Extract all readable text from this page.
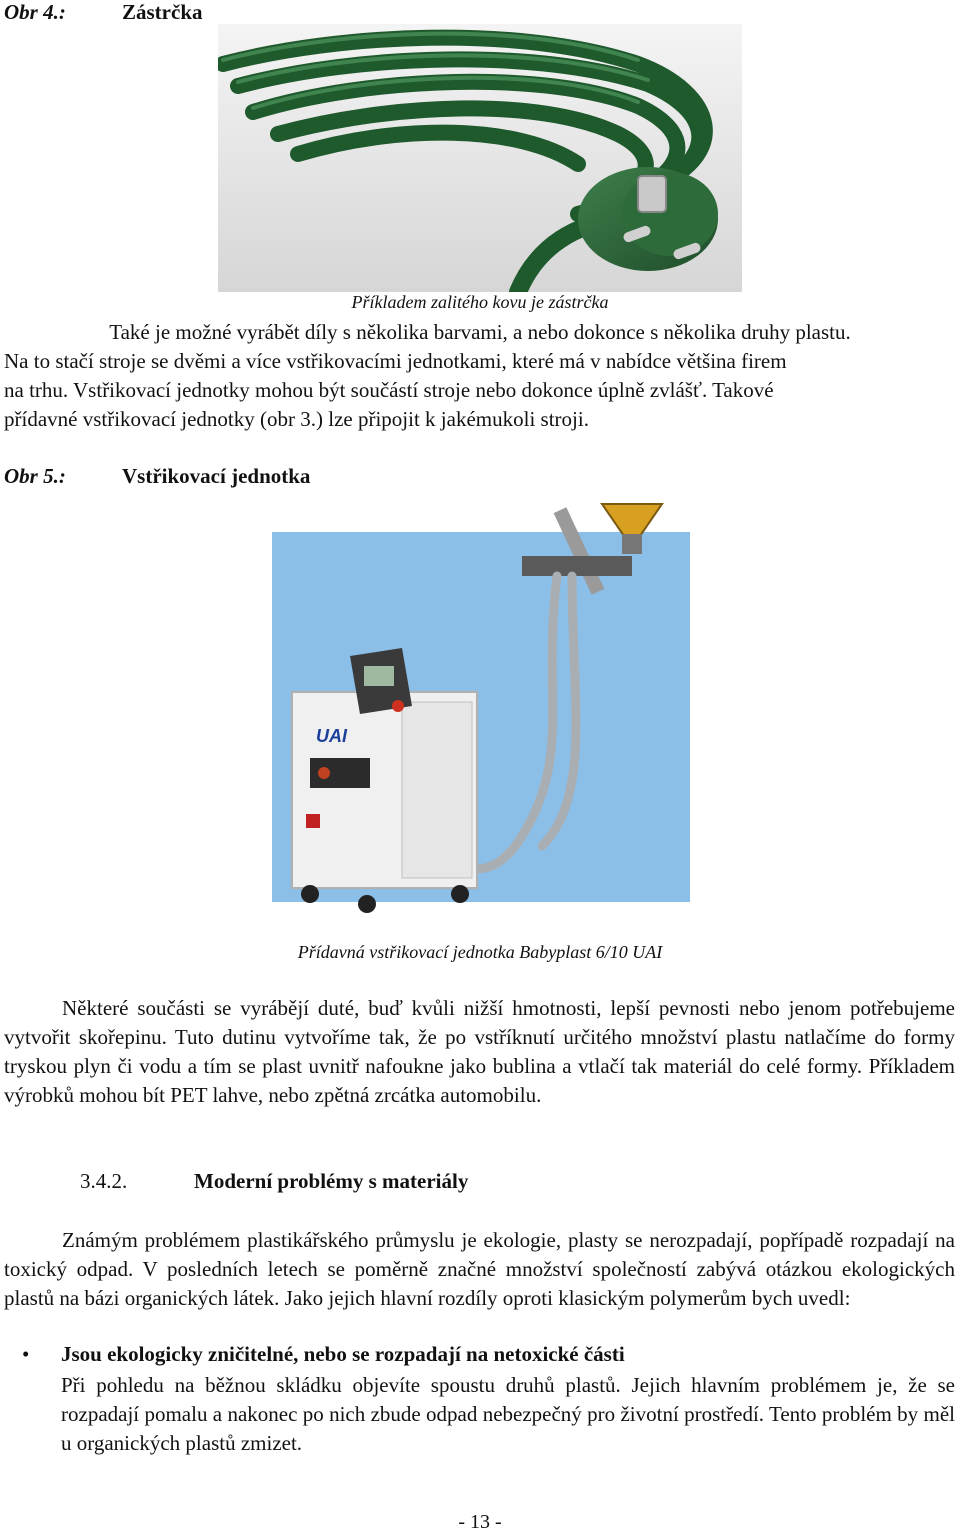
Obr 4.:	Zástrčka
Příkladem zalitého kovu je zástrčka
Také je možné vyrábět díly s několika barvami, a nebo dokonce s několika druhy plastu.
Na to stačí stroje se dvěmi a více vstřikovacími jednotkami, které má v nabídce většina firem
na trhu. Vstřikovací jednotky mohou být součástí stroje nebo dokonce úplně zvlášť. Takové
přídavné vstřikovací jednotky (obr 3.) lze připojit k jakémukoli stroji.
Obr 5.:	Vstřikovací jednotka
UAI
Přídavná vstřikovací jednotka Babyplast 6/10 UAI
Některé součásti se vyrábějí duté, buď kvůli nižší hmotnosti, lepší pevnosti nebo jenom potřebujeme vytvořit skořepinu. Tuto dutinu vytvoříme tak, že po vstříknutí určitého množství plastu natlačíme do formy tryskou plyn či vodu a tím se plast uvnitř nafoukne jako bublina a vtlačí tak materiál do celé formy. Příkladem výrobků mohou bít PET lahve, nebo zpětná zrcátka automobilu.
3.4.2.	Moderní problémy s materiály
Známým problémem plastikářského průmyslu je ekologie, plasty se nerozpadají, popřípadě rozpadají na toxický odpad. V posledních letech se poměrně značné množství společností zabývá otázkou ekologických plastů na bázi organických látek. Jako jejich hlavní rozdíly oproti klasickým polymerům bych uvedl:
• Jsou ekologicky zničitelné, nebo se rozpadají na netoxické části
Při pohledu na běžnou skládku objevíte spoustu druhů plastů. Jejich hlavním problémem je, že se rozpadají pomalu a nakonec po nich zbude odpad nebezpečný pro životní prostředí. Tento problém by měl u organických plastů zmizet.
- 13 -
